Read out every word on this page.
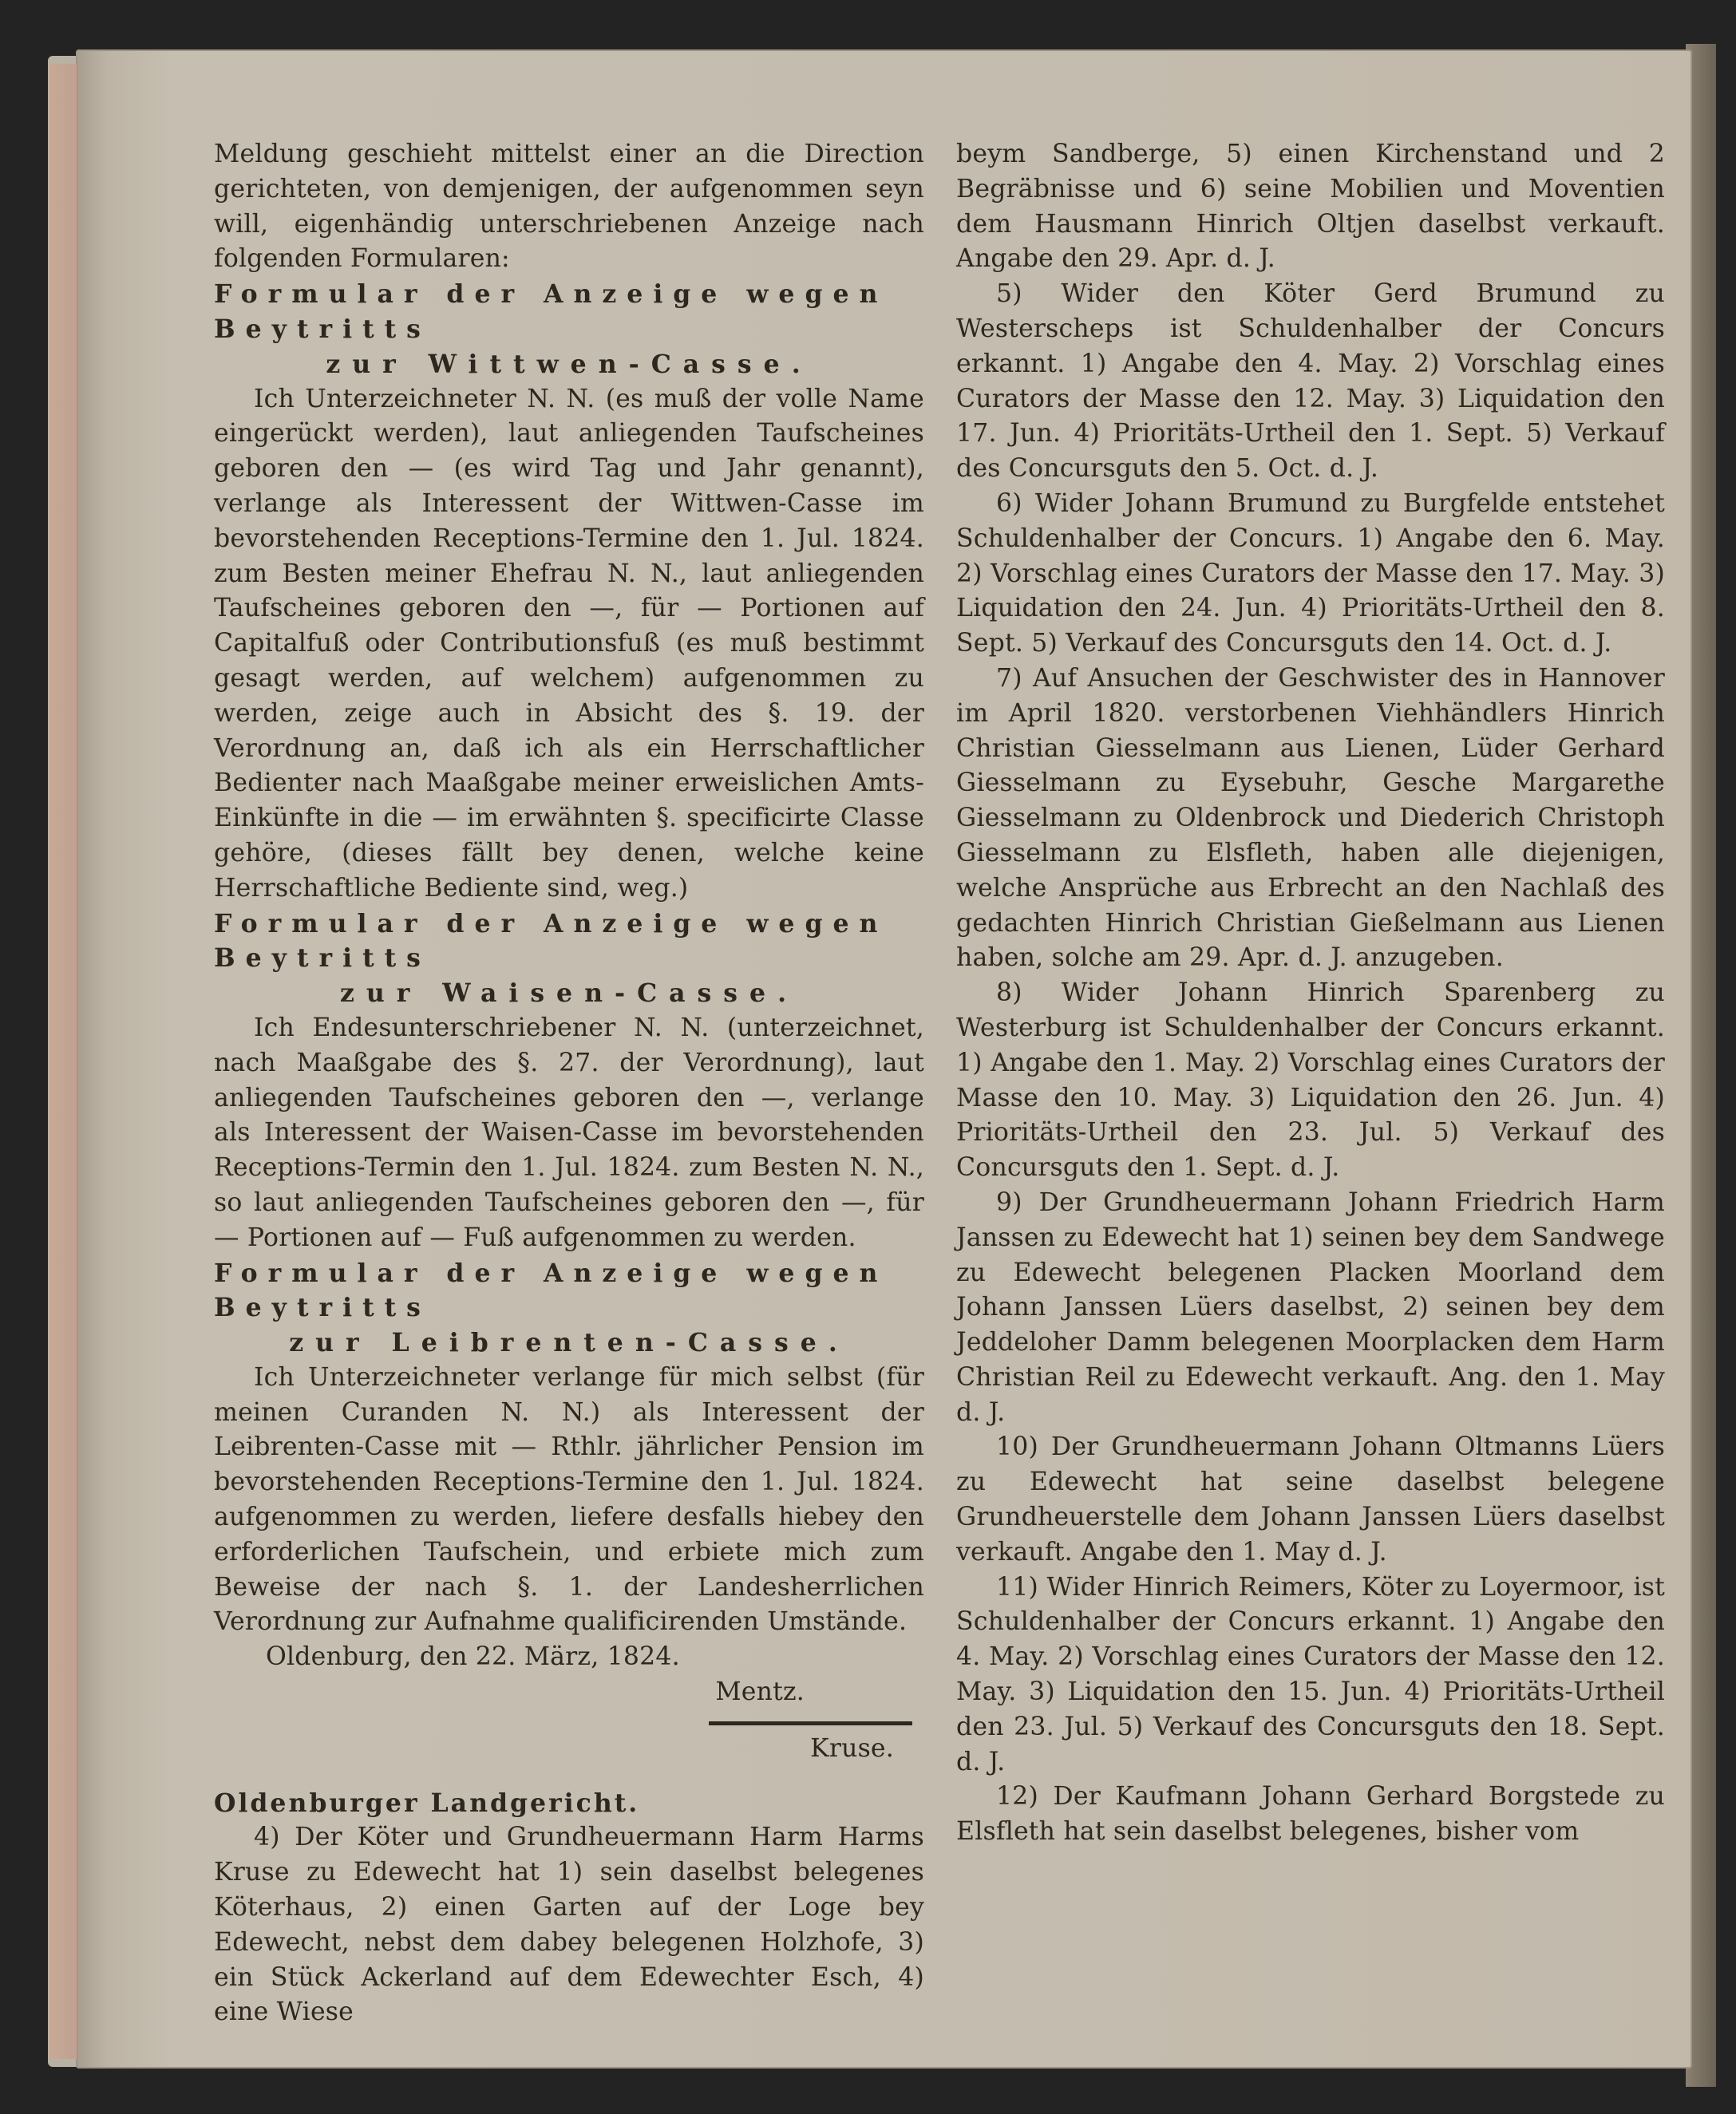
Meldung geschieht mittelst einer an die Direction gerichteten, von demjenigen, der aufgenommen seyn will, eigenhändig unterschriebenen Anzeige nach folgenden Formularen:

Formular der Anzeige wegen Beytritts

zur Wittwen-Casse.

Ich Unterzeichneter N. N. (es muß der volle Name eingerückt werden), laut anliegenden Taufscheines geboren den — (es wird Tag und Jahr genannt), verlange als Interessent der Wittwen-Casse im bevorstehenden Receptions-Termine den 1. Jul. 1824. zum Besten meiner Ehefrau N. N., laut anliegenden Taufscheines geboren den —, für — Portionen auf Capitalfuß oder Contributionsfuß (es muß bestimmt gesagt werden, auf welchem) aufgenommen zu werden, zeige auch in Absicht des §. 19. der Verordnung an, daß ich als ein Herrschaftlicher Bedienter nach Maaßgabe meiner erweislichen Amts-Einkünfte in die — im erwähnten §. specificirte Classe gehöre, (dieses fällt bey denen, welche keine Herrschaftliche Bediente sind, weg.)

Formular der Anzeige wegen Beytritts

zur Waisen-Casse.

Ich Endesunterschriebener N. N. (unterzeichnet, nach Maaßgabe des §. 27. der Verordnung), laut anliegenden Taufscheines geboren den —, verlange als Interessent der Waisen-Casse im bevorstehenden Receptions-Termin den 1. Jul. 1824. zum Besten N. N., so laut anliegenden Taufscheines geboren den —, für — Portionen auf — Fuß aufgenommen zu werden.

Formular der Anzeige wegen Beytritts

zur Leibrenten-Casse.

Ich Unterzeichneter verlange für mich selbst (für meinen Curanden N. N.) als Interessent der Leibrenten-Casse mit — Rthlr. jährlicher Pension im bevorstehenden Receptions-Termine den 1. Jul. 1824. aufgenommen zu werden, liefere desfalls hiebey den erforderlichen Taufschein, und erbiete mich zum Beweise der nach §. 1. der Landesherrlichen Verordnung zur Aufnahme qualificirenden Umstände.

Oldenburg, den 22. März, 1824.

Mentz.

Kruse.

Oldenburger Landgericht.

4) Der Köter und Grundheuermann Harm Harms Kruse zu Edewecht hat 1) sein daselbst belegenes Köterhaus, 2) einen Garten auf der Loge bey Edewecht, nebst dem dabey belegenen Holzhofe, 3) ein Stück Ackerland auf dem Edewechter Esch, 4) eine Wiese

beym Sandberge, 5) einen Kirchenstand und 2 Begräbnisse und 6) seine Mobilien und Moventien dem Hausmann Hinrich Oltjen daselbst verkauft. Angabe den 29. Apr. d. J.

5) Wider den Köter Gerd Brumund zu Westerscheps ist Schuldenhalber der Concurs erkannt. 1) Angabe den 4. May. 2) Vorschlag eines Curators der Masse den 12. May. 3) Liquidation den 17. Jun. 4) Prioritäts-Urtheil den 1. Sept. 5) Verkauf des Concursguts den 5. Oct. d. J.

6) Wider Johann Brumund zu Burgfelde entstehet Schuldenhalber der Concurs. 1) Angabe den 6. May. 2) Vorschlag eines Curators der Masse den 17. May. 3) Liquidation den 24. Jun. 4) Prioritäts-Urtheil den 8. Sept. 5) Verkauf des Concursguts den 14. Oct. d. J.

7) Auf Ansuchen der Geschwister des in Hannover im April 1820. verstorbenen Viehhändlers Hinrich Christian Giesselmann aus Lienen, Lüder Gerhard Giesselmann zu Eysebuhr, Gesche Margarethe Giesselmann zu Oldenbrock und Diederich Christoph Giesselmann zu Elsfleth, haben alle diejenigen, welche Ansprüche aus Erbrecht an den Nachlaß des gedachten Hinrich Christian Gießelmann aus Lienen haben, solche am 29. Apr. d. J. anzugeben.

8) Wider Johann Hinrich Sparenberg zu Westerburg ist Schuldenhalber der Concurs erkannt. 1) Angabe den 1. May. 2) Vorschlag eines Curators der Masse den 10. May. 3) Liquidation den 26. Jun. 4) Prioritäts-Urtheil den 23. Jul. 5) Verkauf des Concursguts den 1. Sept. d. J.

9) Der Grundheuermann Johann Friedrich Harm Janssen zu Edewecht hat 1) seinen bey dem Sandwege zu Edewecht belegenen Placken Moorland dem Johann Janssen Lüers daselbst, 2) seinen bey dem Jeddeloher Damm belegenen Moorplacken dem Harm Christian Reil zu Edewecht verkauft. Ang. den 1. May d. J.

10) Der Grundheuermann Johann Oltmanns Lüers zu Edewecht hat seine daselbst belegene Grundheuerstelle dem Johann Janssen Lüers daselbst verkauft. Angabe den 1. May d. J.

11) Wider Hinrich Reimers, Köter zu Loyermoor, ist Schuldenhalber der Concurs erkannt. 1) Angabe den 4. May. 2) Vorschlag eines Curators der Masse den 12. May. 3) Liquidation den 15. Jun. 4) Prioritäts-Urtheil den 23. Jul. 5) Verkauf des Concursguts den 18. Sept. d. J.

12) Der Kaufmann Johann Gerhard Borgstede zu Elsfleth hat sein daselbst belegenes, bisher vom
